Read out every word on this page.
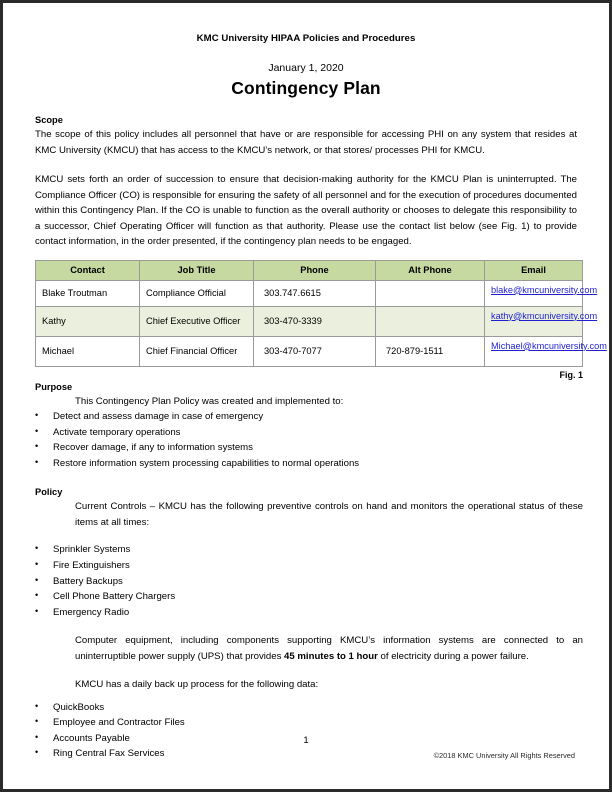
KMC University HIPAA Policies and Procedures
January 1, 2020
Contingency Plan
Scope

The scope of this policy includes all personnel that have or are responsible for accessing PHI on any system that resides at KMC University (KMCU) that has access to the KMCU’s network, or that stores/ processes PHI for KMCU.

KMCU sets forth an order of succession to ensure that decision-making authority for the KMCU Plan is uninterrupted. The Compliance Officer (CO) is responsible for ensuring the safety of all personnel and for the execution of procedures documented within this Contingency Plan. If the CO is unable to function as the overall authority or chooses to delegate this responsibility to a successor, Chief Operating Officer will function as that authority. Please use the contact list below (see Fig. 1) to provide contact information, in the order presented, if the contingency plan needs to be engaged.

Contact	Job Title	Phone	Alt Phone	Email
Blake Troutman	Compliance Official	303.747.6615		blake@kmcuniversity.com
Kathy	Chief Executive Officer	303-470-3339		kathy@kmcuniversity.com
Michael	Chief Financial Officer	303-470-7077	720-879-1511	Michael@kmcuniversity.com
Fig. 1
Purpose
This Contingency Plan Policy was created and implemented to:
• Detect and assess damage in case of emergency
• Activate temporary operations
• Recover damage, if any to information systems
• Restore information system processing capabilities to normal operations
Policy
Current Controls – KMCU has the following preventive controls on hand and monitors the operational status of these items at all times:
• Sprinkler Systems
• Fire Extinguishers
• Battery Backups
• Cell Phone Battery Chargers
• Emergency Radio
Computer equipment, including components supporting KMCU’s information systems are connected to an uninterruptible power supply (UPS) that provides 45 minutes to 1 hour of electricity during a power failure.
KMCU has a daily back up process for the following data:
• QuickBooks
• Employee and Contractor Files
• Accounts Payable
• Ring Central Fax Services
1
©2018 KMC University All Rights Reserved
